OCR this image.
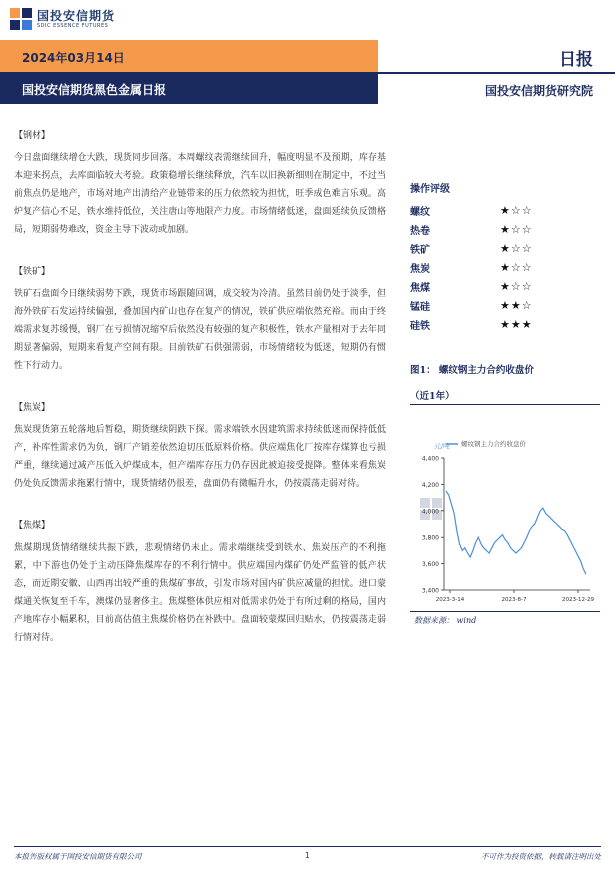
国投安信期货
SDIC ESSENCE FUTURES
2024年03月14日
国投安信期货黑色金属日报
日报
国投安信期货研究院
【钢材】
今日盘面继续增仓大跌，现货同步回落。本周螺纹表需继续回升，幅度明显不及预期，库存基本迎来拐点，去库面临较大考验。政策稳增长继续释放，汽车以旧换新细则在制定中，不过当前焦点仍是地产，市场对地产出清给产业链带来的压力依然较为担忧，旺季成色难言乐观。高炉复产信心不足，铁水维持低位，关注唐山等地限产力度。市场情绪低迷，盘面延续负反馈格局，短期弱势难改，资金主导下波动或加剧。
【铁矿】
铁矿石盘面今日继续弱势下跌，现货市场跟随回调，成交较为冷清。虽然目前仍处于淡季，但海外铁矿石发运持续偏强，叠加国内矿山也存在复产的情况，铁矿供应端依然充裕。而由于终端需求复苏缓慢，钢厂在亏损情况缩窄后依然没有较强的复产积极性，铁水产量相对于去年同期显著偏弱，短期来看复产空间有限。目前铁矿石供强需弱，市场情绪较为低迷，短期仍有惯性下行动力。
【焦炭】
焦炭现货第五轮落地后暂稳，期货继续阴跌下探。需求端铁水因建筑需求持续低迷而保持低低产，补库性需求仍为负，钢厂产销差依然迫切压低原料价格。供应端焦化厂按库存煤算也亏损严重，继续通过减产压低入炉煤成本，但产端库存压力仍存因此被迫接受提降。整体来看焦炭仍处负反馈需求拖累行情中，现货情绪仍很差，盘面仍有微幅升水，仍按震荡走弱对待。
【焦煤】
焦煤期现货情绪继续共振下跌，悲观情绪仍未止。需求端继续受到铁水、焦炭压产的不利拖累，中下游也仍处于主动压降焦煤库存的不利行情中。供应端国内煤矿仍处严监管的低产状态，而近期安徽、山西再出较严重的焦煤矿事故，引发市场对国内矿供应减量的担忧。进口蒙煤通关恢复至千车，澳煤仍显奢侈主。焦煤整体供应相对低需求仍处于有所过剩的格局，国内产地库存小幅累积，目前高估值主焦煤价格仍在补跌中。盘面较蒙煤回归贴水，仍按震荡走弱行情对待。
操作评级
螺纹	★ ☆ ☆
热卷	★ ☆ ☆
铁矿	★ ☆ ☆
焦炭	★ ☆ ☆
焦煤	★ ☆ ☆
锰硅	★ ★ ☆
硅铁	★ ★ ★
图1： 螺纹钢主力合约收盘价
（近1年）
3,400
3,600
3,800
4,000
4,200
4,400
2023-3-14	2023-8-7	2023-12-29
元/吨 螺纹钢主力合约收盘价
数据来源： wind
本报告版权属于国投安信期货有限公司	1	不可作为投资依据，转载请注明出处
